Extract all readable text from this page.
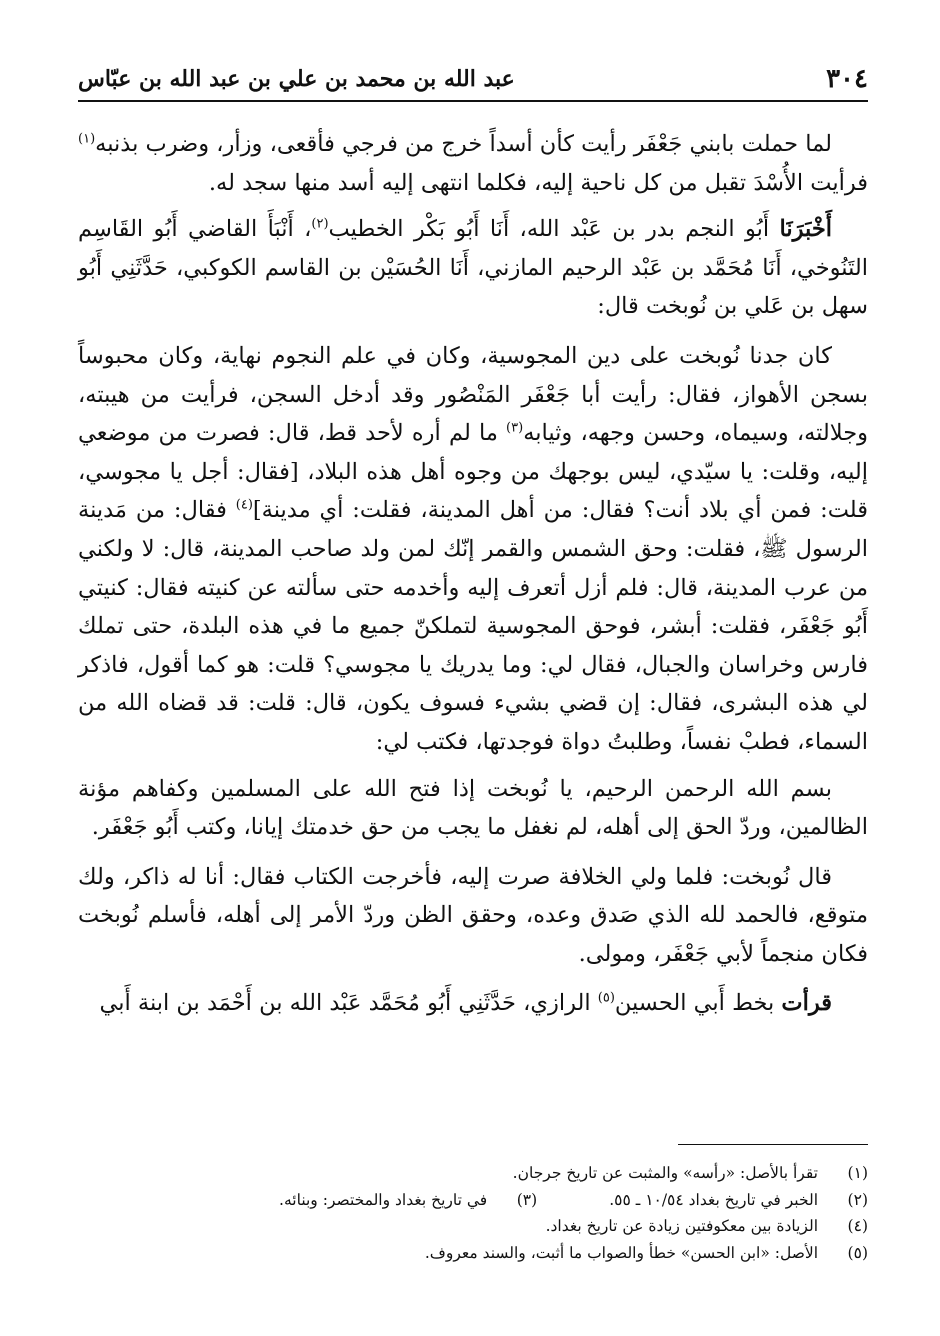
٣٠٤
عبد الله بن محمد بن علي بن عبد الله بن عبّاس

لما حملت بابني جَعْفَر رأيت كأن أسداً خرج من فرجي فأقعى، وزأر، وضرب بذنبه$^{(١)}$ فرأيت الأُسْدَ تقبل من كل ناحية إليه، فكلما انتهى إليه أسد منها سجد له.

أَخْبَرَنَا أَبُو النجم بدر بن عَبْد الله، أَنَا أَبُو بَكْر الخطيب$^{(٢)}$، أَنْبَأَ القاضي أَبُو القَاسِم التَنُوخي، أَنَا مُحَمَّد بن عَبْد الرحيم المازني، أَنَا الحُسَيْن بن القاسم الكوكبي، حَدَّثَنِي أَبُو سهل بن عَلي بن نُوبخت قال:

كان جدنا نُوبخت على دين المجوسية، وكان في علم النجوم نهاية، وكان محبوساً بسجن الأهواز، فقال: رأيت أبا جَعْفَر المَنْصُور وقد أدخل السجن، فرأيت من هيبته، وجلالته، وسيماه، وحسن وجهه، وثيابه$^{(٣)}$ ما لم أره لأحد قط، قال: فصرت من موضعي إليه، وقلت: يا سيّدي، ليس بوجهك من وجوه أهل هذه البلاد، [فقال: أجل يا مجوسي، قلت: فمن أي بلاد أنت؟ فقال: من أهل المدينة، فقلت: أي مدينة]$^{(٤)}$ فقال: من مَدينة الرسول ﷺ، فقلت: وحق الشمس والقمر إنّك لمن ولد صاحب المدينة، قال: لا ولكني من عرب المدينة، قال: فلم أزل أتعرف إليه وأخدمه حتى سألته عن كنيته فقال: كنيتي أَبُو جَعْفَر، فقلت: أبشر، فوحق المجوسية لتملكنّ جميع ما في هذه البلدة، حتى تملك فارس وخراسان والجبال، فقال لي: وما يدريك يا مجوسي؟ قلت: هو كما أقول، فاذكر لي هذه البشرى، فقال: إن قضي بشيء فسوف يكون، قال: قلت: قد قضاه الله من السماء، فطبْ نفساً، وطلبتُ دواة فوجدتها، فكتب لي:

بسم الله الرحمن الرحيم، يا نُوبخت إذا فتح الله على المسلمين وكفاهم مؤنة الظالمين، وردّ الحق إلى أهله، لم نغفل ما يجب من حق خدمتك إيانا، وكتب أَبُو جَعْفَر.

قال نُوبخت: فلما ولي الخلافة صرت إليه، فأخرجت الكتاب فقال: أنا له ذاكر، ولك متوقع، فالحمد لله الذي صَدق وعده، وحقق الظن وردّ الأمر إلى أهله، فأسلم نُوبخت فكان منجماً لأبي جَعْفَر، ومولى.

قرأت بخط أَبي الحسين$^{(٥)}$ الرازي، حَدَّثَنِي أَبُو مُحَمَّد عَبْد الله بن أَحْمَد بن ابنة أَبي

(١)
تقرأ بالأصل: «رأسه» والمثبت عن تاريخ جرجان.
(٢)
الخبر في تاريخ بغداد ١٠/٥٤ ـ ٥٥.
(٣)
في تاريخ بغداد والمختصر: وبنائه.
(٤)
الزيادة بين معكوفتين زيادة عن تاريخ بغداد.
(٥)
الأصل: «ابن الحسن» خطأ والصواب ما أثبت، والسند معروف.
